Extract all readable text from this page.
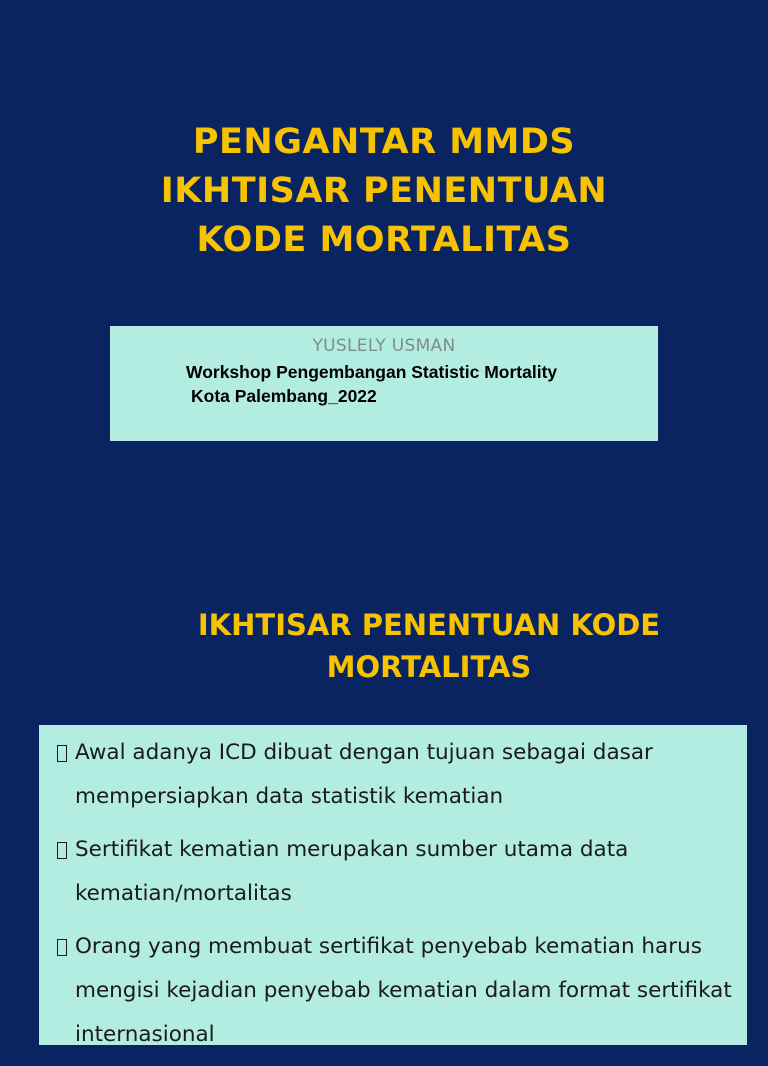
PENGANTAR MMDS
IKHTISAR PENENTUAN
KODE MORTALITAS
YUSLELY USMAN
Workshop Pengembangan Statistic Mortality
Kota Palembang_2022
IKHTISAR PENENTUAN KODE
MORTALITAS
Awal adanya ICD dibuat dengan tujuan sebagai dasar mempersiapkan data statistik kematian
Sertifikat kematian merupakan sumber utama data kematian/mortalitas
Orang yang membuat sertifikat penyebab kematian harus mengisi kejadian penyebab kematian dalam format sertifikat internasional
